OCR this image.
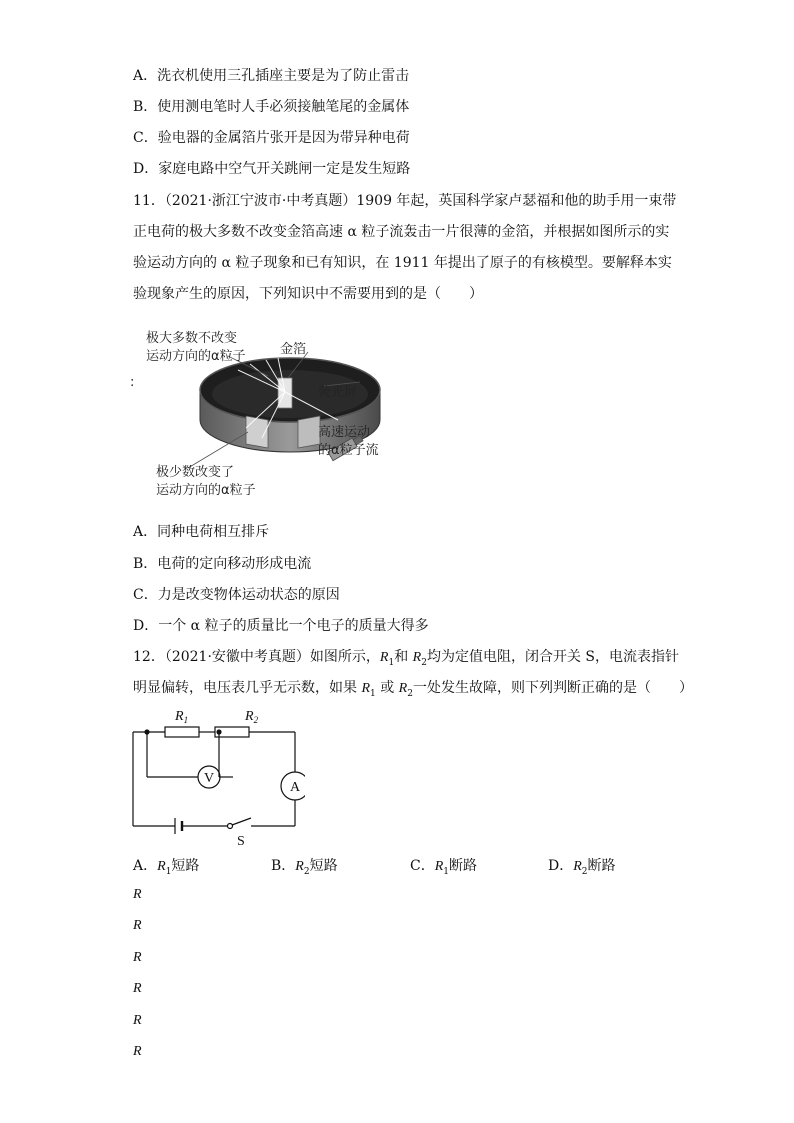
A．洗衣机使用三孔插座主要是为了防止雷击
B．使用测电笔时人手必须接触笔尾的金属体
C．验电器的金属箔片张开是因为带异种电荷
D．家庭电路中空气开关跳闸一定是发生短路
11．（2021·浙江宁波市·中考真题）1909 年起，英国科学家卢瑟福和他的助手用一束带
正电荷的极大多数不改变金箔高速 α 粒子流轰击一片很薄的金箔，并根据如图所示的实
验运动方向的 α 粒子现象和已有知识，在 1911 年提出了原子的有核模型。要解释本实
验现象产生的原因，下列知识中不需要用到的是（　　）
:
极大多数不改变
运动方向的α粒子	金箔
荧光屏
高速运动
的α粒子流
极少数改变了
运动方向的α粒子
A．同种电荷相互排斥
B．电荷的定向移动形成电流
C．力是改变物体运动状态的原因
D．一个 α 粒子的质量比一个电子的质量大得多
12．（2021·安徽中考真题）如图所示，$R_1$和 $R_2$均为定值电阻，闭合开关 S，电流表指针
明显偏转，电压表几乎无示数，如果 $R_1$ 或 $R_2$一处发生故障，则下列判断正确的是（　　）
$R_1$	$R_2$
V
A
S
A．$R_1$短路	B．$R_2$短路	C．$R_1$断路	D．$R_2$断路
R
R
R
R
R
R
